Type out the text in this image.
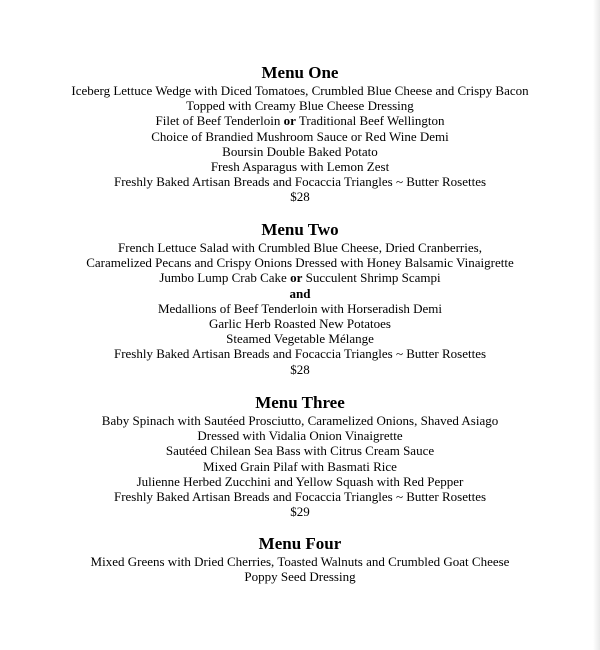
Menu One
Iceberg Lettuce Wedge with Diced Tomatoes, Crumbled Blue Cheese and Crispy Bacon
Topped with Creamy Blue Cheese Dressing
Filet of Beef Tenderloin or Traditional Beef Wellington
Choice of Brandied Mushroom Sauce or Red Wine Demi
Boursin Double Baked Potato
Fresh Asparagus with Lemon Zest
Freshly Baked Artisan Breads and Focaccia Triangles ~ Butter Rosettes
$28
Menu Two
French Lettuce Salad with Crumbled Blue Cheese, Dried Cranberries,
Caramelized Pecans and Crispy Onions Dressed with Honey Balsamic Vinaigrette
Jumbo Lump Crab Cake or Succulent Shrimp Scampi
and
Medallions of Beef Tenderloin with Horseradish Demi
Garlic Herb Roasted New Potatoes
Steamed Vegetable Mélange
Freshly Baked Artisan Breads and Focaccia Triangles ~ Butter Rosettes
$28
Menu Three
Baby Spinach with Sautéed Prosciutto, Caramelized Onions, Shaved Asiago
Dressed with Vidalia Onion Vinaigrette
Sautéed Chilean Sea Bass with Citrus Cream Sauce
Mixed Grain Pilaf with Basmati Rice
Julienne Herbed Zucchini and Yellow Squash with Red Pepper
Freshly Baked Artisan Breads and Focaccia Triangles ~ Butter Rosettes
$29
Menu Four
Mixed Greens with Dried Cherries, Toasted Walnuts and Crumbled Goat Cheese
Poppy Seed Dressing
